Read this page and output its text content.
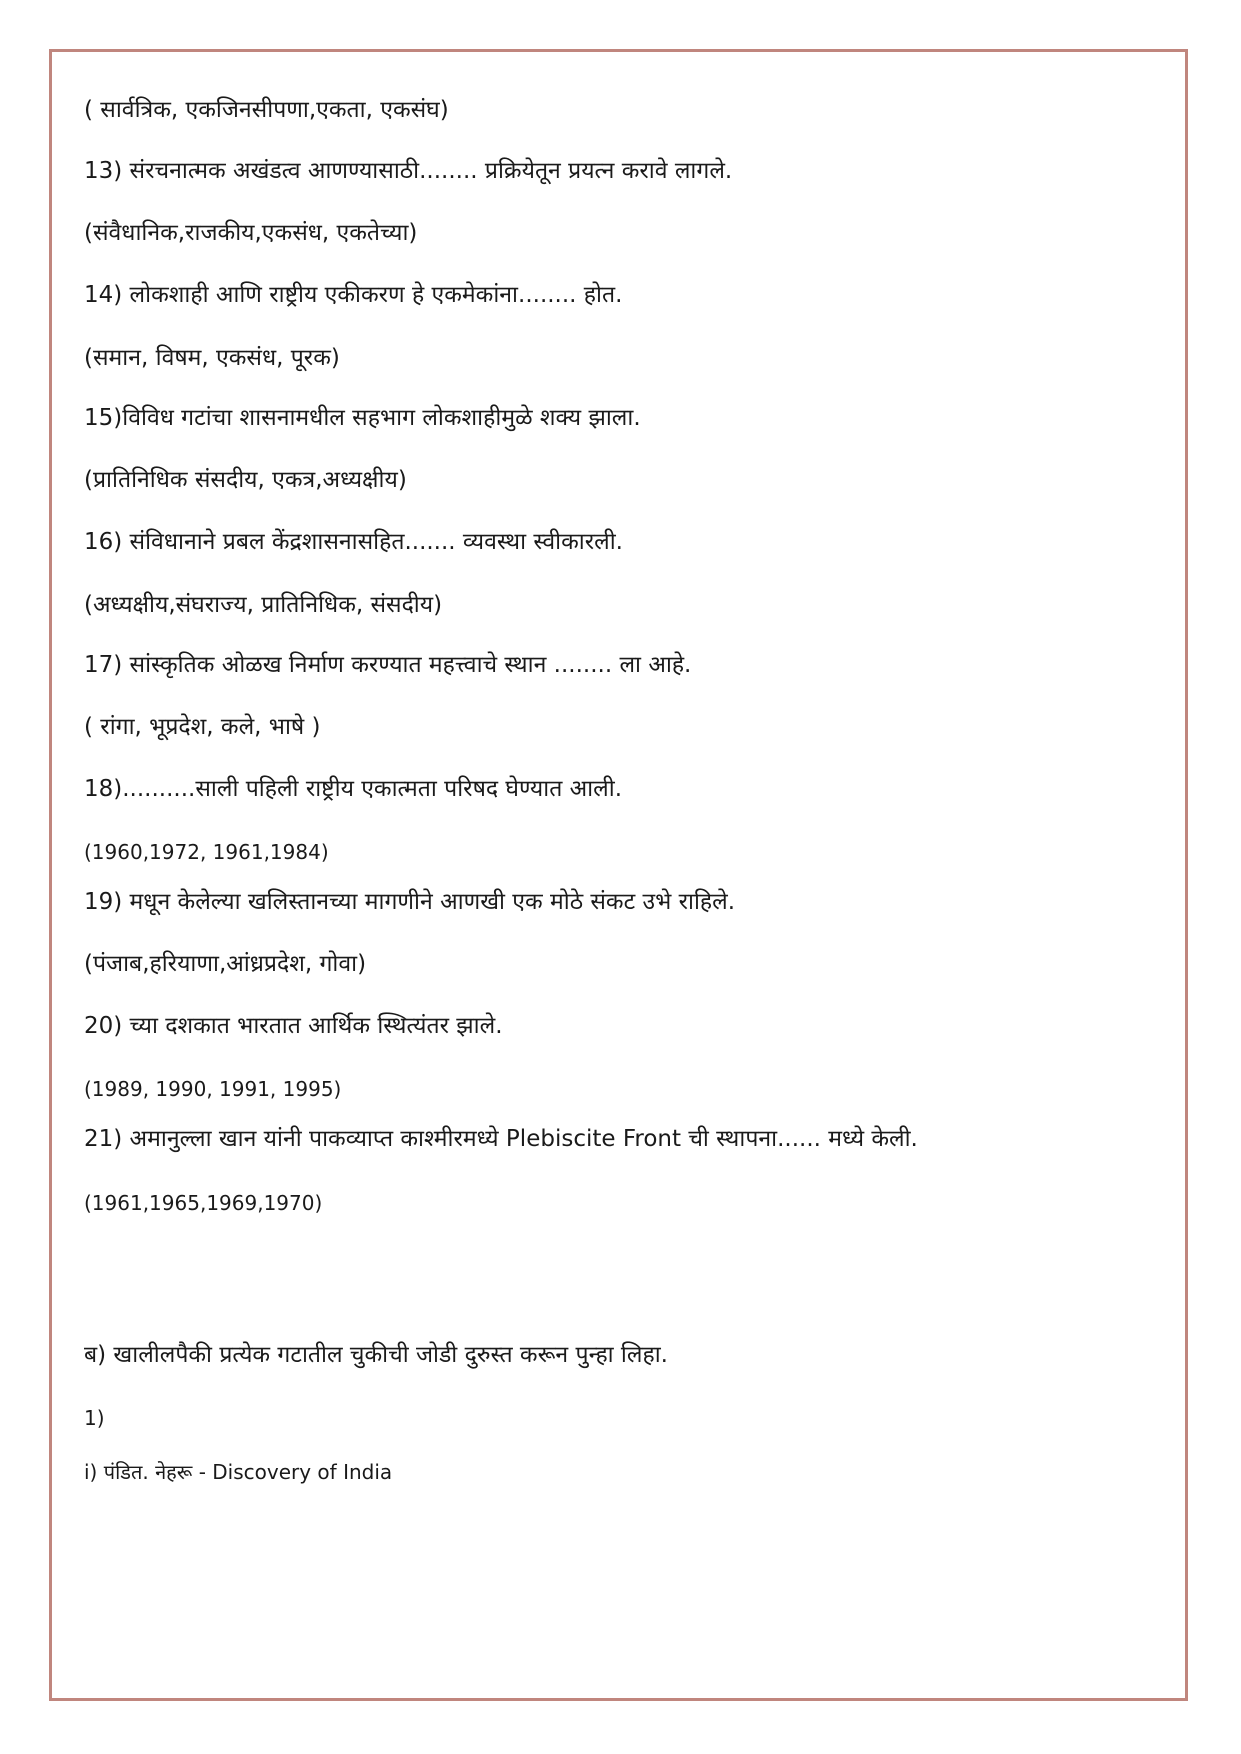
( सार्वत्रिक, एकजिनसीपणा,एकता, एकसंघ)
13) संरचनात्मक अखंडत्व आणण्यासाठी........ प्रक्रियेतून प्रयत्न करावे लागले.
(संवैधानिक,राजकीय,एकसंध, एकतेच्या)
14) लोकशाही आणि राष्ट्रीय एकीकरण हे एकमेकांना........ होत.
(समान, विषम, एकसंध, पूरक)
15)विविध गटांचा शासनामधील सहभाग लोकशाहीमुळे शक्य झाला.
(प्रातिनिधिक संसदीय, एकत्र,अध्यक्षीय)
16) संविधानाने प्रबल केंद्रशासनासहित....... व्यवस्था स्वीकारली.
(अध्यक्षीय,संघराज्य, प्रातिनिधिक, संसदीय)
17) सांस्कृतिक ओळख निर्माण करण्यात महत्त्वाचे स्थान ........ ला आहे.
( रांगा, भूप्रदेश, कले, भाषे )
18)..........साली पहिली राष्ट्रीय एकात्मता परिषद घेण्यात आली.
(1960,1972, 1961,1984)
19) मधून केलेल्या खलिस्तानच्या मागणीने आणखी एक मोठे संकट उभे राहिले.
(पंजाब,हरियाणा,आंध्रप्रदेश, गोवा)
20) च्या दशकात भारतात आर्थिक स्थित्यंतर झाले.
(1989, 1990, 1991, 1995)
21) अमानुल्ला खान यांनी पाकव्याप्त काश्मीरमध्ये Plebiscite Front ची स्थापना...... मध्ये केली.
(1961,1965,1969,1970)
ब) खालीलपैकी प्रत्येक गटातील चुकीची जोडी दुरुस्त करून पुन्हा लिहा.
1)
i) पंडित. नेहरू - Discovery of India
